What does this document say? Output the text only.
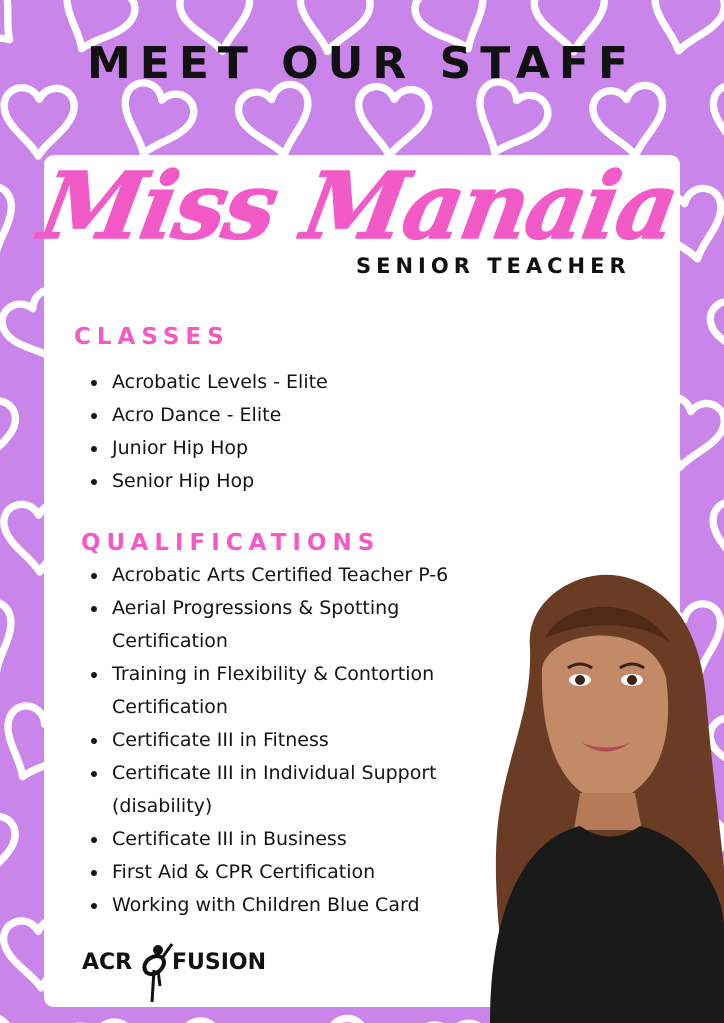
MEET OUR STAFF
Miss Manaia
SENIOR TEACHER
CLASSES
Acrobatic Levels - Elite
Acro Dance - Elite
Junior Hip Hop
Senior Hip Hop
QUALIFICATIONS
Acrobatic Arts Certified Teacher P-6
Aerial Progressions & Spotting Certification
Training in Flexibility & Contortion Certification
Certificate III in Fitness
Certificate III in Individual Support (disability)
Certificate III in Business
First Aid & CPR Certification
Working with Children Blue Card
ACR FUSION
